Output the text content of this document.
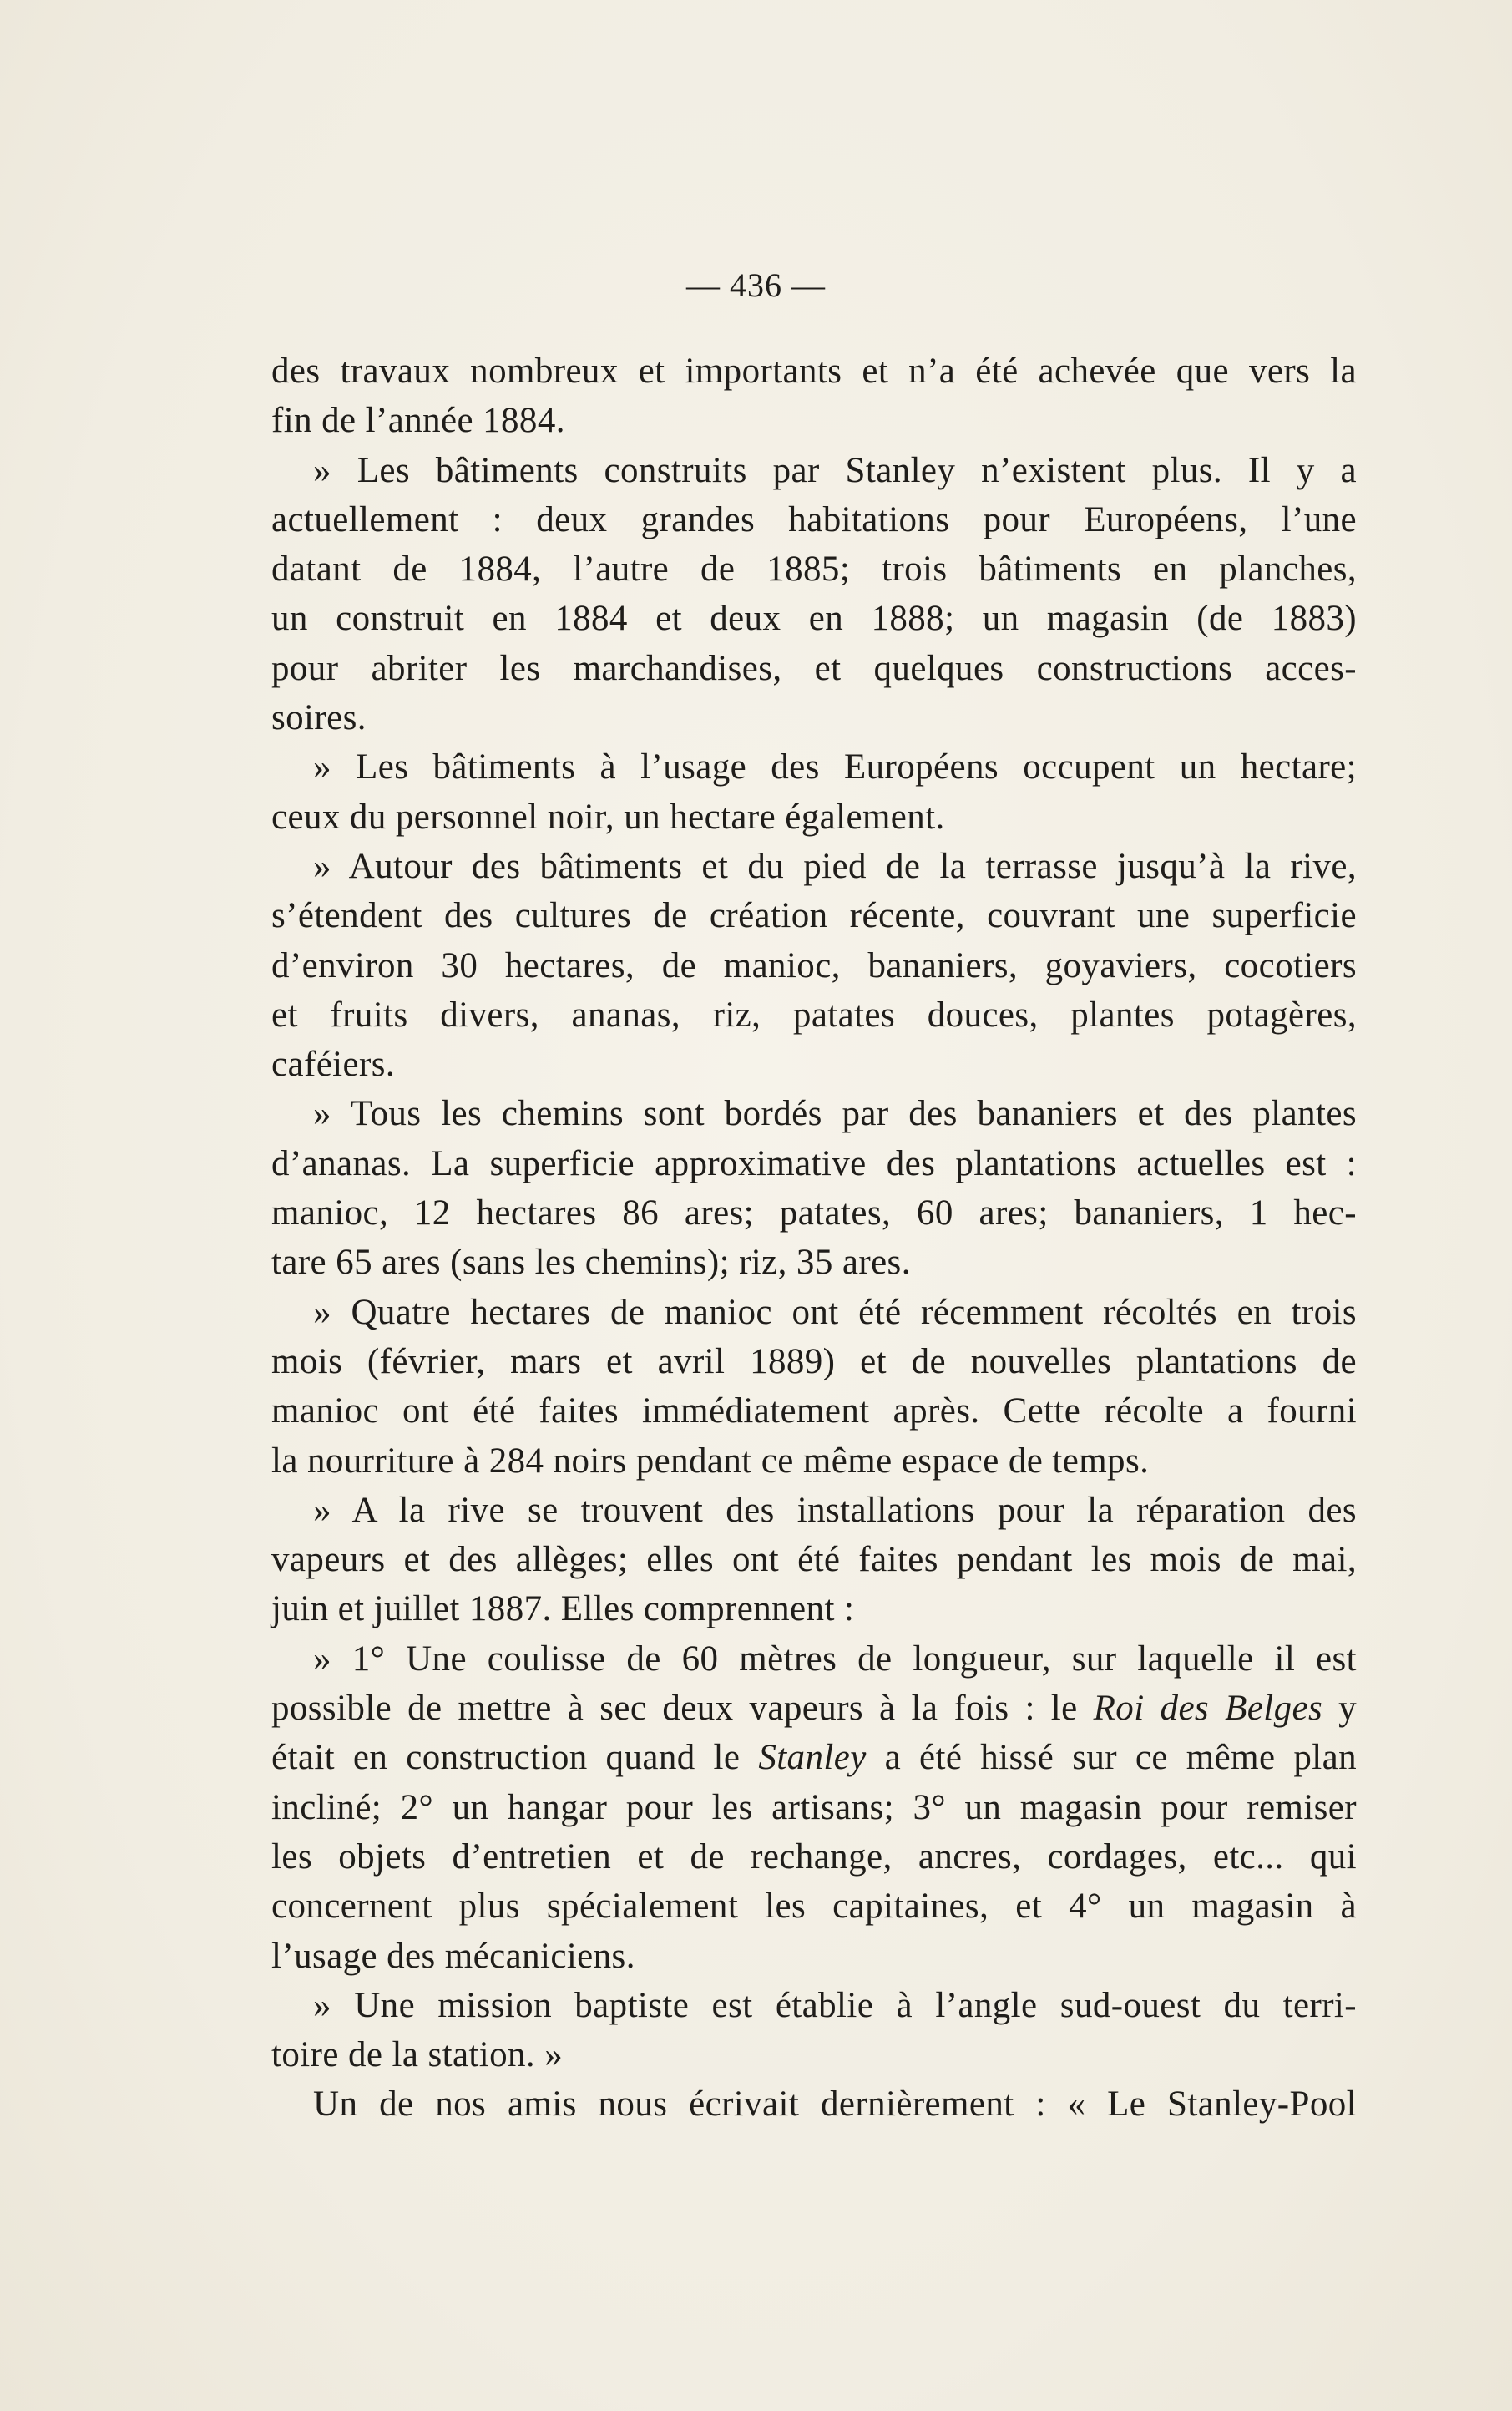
— 436 —
des travaux nombreux et importants et n’a été achevée que vers la
fin de l’année 1884.
» Les bâtiments construits par Stanley n’existent plus. Il y a
actuellement : deux grandes habitations pour Européens, l’une
datant de 1884, l’autre de 1885; trois bâtiments en planches,
un construit en 1884 et deux en 1888; un magasin (de 1883)
pour abriter les marchandises, et quelques constructions acces-
soires.
» Les bâtiments à l’usage des Européens occupent un hectare;
ceux du personnel noir, un hectare également.
» Autour des bâtiments et du pied de la terrasse jusqu’à la rive,
s’étendent des cultures de création récente, couvrant une superficie
d’environ 30 hectares, de manioc, bananiers, goyaviers, cocotiers
et fruits divers, ananas, riz, patates douces, plantes potagères,
caféiers.
» Tous les chemins sont bordés par des bananiers et des plantes
d’ananas. La superficie approximative des plantations actuelles est :
manioc, 12 hectares 86 ares; patates, 60 ares; bananiers, 1 hec-
tare 65 ares (sans les chemins); riz, 35 ares.
» Quatre hectares de manioc ont été récemment récoltés en trois
mois (février, mars et avril 1889) et de nouvelles plantations de
manioc ont été faites immédiatement après. Cette récolte a fourni
la nourriture à 284 noirs pendant ce même espace de temps.
» A la rive se trouvent des installations pour la réparation des
vapeurs et des allèges; elles ont été faites pendant les mois de mai,
juin et juillet 1887. Elles comprennent :
» 1° Une coulisse de 60 mètres de longueur, sur laquelle il est
possible de mettre à sec deux vapeurs à la fois : le Roi des Belges y
était en construction quand le Stanley a été hissé sur ce même plan
incliné; 2° un hangar pour les artisans; 3° un magasin pour remiser
les objets d’entretien et de rechange, ancres, cordages, etc... qui
concernent plus spécialement les capitaines, et 4° un magasin à
l’usage des mécaniciens.
» Une mission baptiste est établie à l’angle sud-ouest du terri-
toire de la station. »
Un de nos amis nous écrivait dernièrement : « Le Stanley-Pool
